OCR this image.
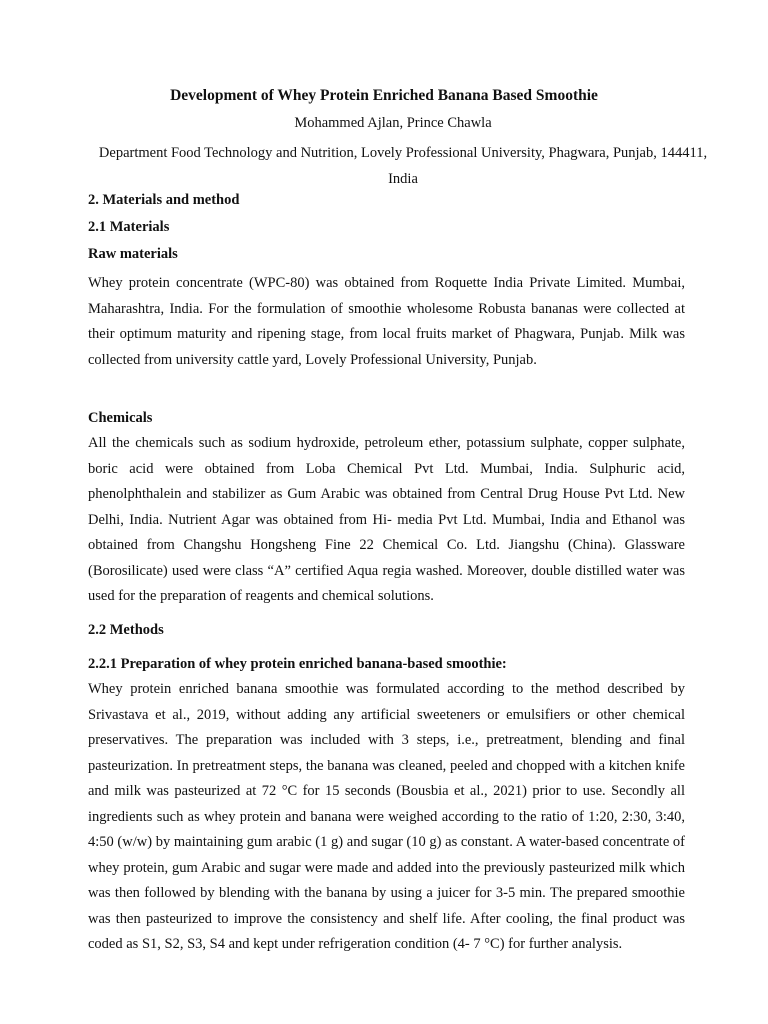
Development of Whey Protein Enriched Banana Based Smoothie
Mohammed Ajlan, Prince Chawla
Department Food Technology and Nutrition, Lovely Professional University, Phagwara, Punjab, 144411, India
2. Materials and method
2.1 Materials
Raw materials

Whey protein concentrate (WPC-80) was obtained from Roquette India Private Limited. Mumbai, Maharashtra, India. For the formulation of smoothie wholesome Robusta bananas were collected at their optimum maturity and ripening stage, from local fruits market of Phagwara, Punjab. Milk was collected from university cattle yard, Lovely Professional University, Punjab.

Chemicals

All the chemicals such as sodium hydroxide, petroleum ether, potassium sulphate, copper sulphate, boric acid were obtained from Loba Chemical Pvt Ltd. Mumbai, India. Sulphuric acid, phenolphthalein and stabilizer as Gum Arabic was obtained from Central Drug House Pvt Ltd. New Delhi, India. Nutrient Agar was obtained from Hi- media Pvt Ltd. Mumbai, India and Ethanol was obtained from Changshu Hongsheng Fine 22 Chemical Co. Ltd. Jiangshu (China). Glassware (Borosilicate) used were class “A” certified Aqua regia washed. Moreover, double distilled water was used for the preparation of reagents and chemical solutions.

2.2 Methods
2.2.1 Preparation of whey protein enriched banana-based smoothie:

Whey protein enriched banana smoothie was formulated according to the method described by Srivastava et al., 2019, without adding any artificial sweeteners or emulsifiers or other chemical preservatives. The preparation was included with 3 steps, i.e., pretreatment, blending and final pasteurization. In pretreatment steps, the banana was cleaned, peeled and chopped with a kitchen knife and milk was pasteurized at 72 °C for 15 seconds (Bousbia et al., 2021) prior to use. Secondly all ingredients such as whey protein and banana were weighed according to the ratio of 1:20, 2:30, 3:40, 4:50 (w/w) by maintaining gum arabic (1 g) and sugar (10 g) as constant. A water-based concentrate of whey protein, gum Arabic and sugar were made and added into the previously pasteurized milk which was then followed by blending with the banana by using a juicer for 3-5 min. The prepared smoothie was then pasteurized to improve the consistency and shelf life. After cooling, the final product was coded as S1, S2, S3, S4 and kept under refrigeration condition (4- 7 °C) for further analysis.
